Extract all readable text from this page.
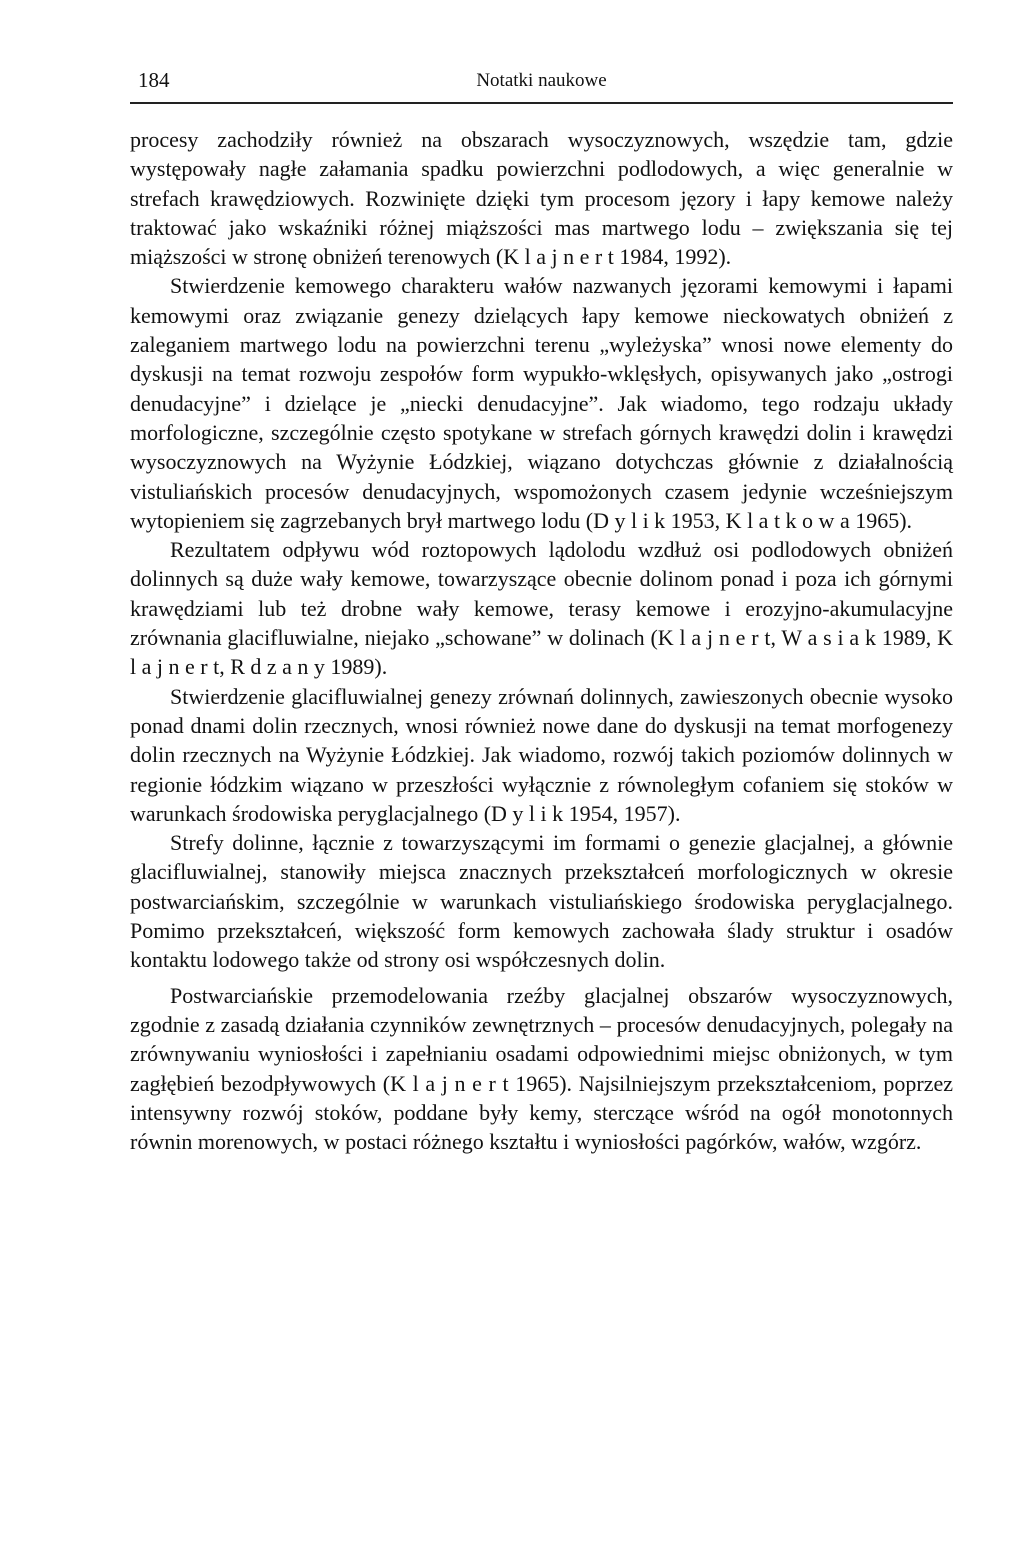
184	Notatki naukowe

procesy zachodziły również na obszarach wysoczyznowych, wszędzie tam, gdzie występowały nagłe załamania spadku powierzchni podlodowych, a więc generalnie w strefach krawędziowych. Rozwinięte dzięki tym procesom jęzory i łapy kemowe należy traktować jako wskaźniki różnej miąższości mas martwego lodu – zwiększania się tej miąższości w stronę obniżeń terenowych (K l a j n e r t 1984, 1992).

Stwierdzenie kemowego charakteru wałów nazwanych jęzorami kemowymi i łapami kemowymi oraz związanie genezy dzielących łapy kemowe nieckowatych obniżeń z zaleganiem martwego lodu na powierzchni terenu „wyleżyska” wnosi nowe elementy do dyskusji na temat rozwoju zespołów form wypukło-wklęsłych, opisywanych jako „ostrogi denudacyjne” i dzielące je „niecki denudacyjne”. Jak wiadomo, tego rodzaju układy morfologiczne, szczególnie często spotykane w strefach górnych krawędzi dolin i krawędzi wysoczyznowych na Wyżynie Łódzkiej, wiązano dotychczas głównie z działalnością vistuliańskich procesów denudacyjnych, wspomożonych czasem jedynie wcześniejszym wytopieniem się zagrzebanych brył martwego lodu (D y l i k 1953, K l a t k o w a 1965).

Rezultatem odpływu wód roztopowych lądolodu wzdłuż osi podlodowych obniżeń dolinnych są duże wały kemowe, towarzyszące obecnie dolinom ponad i poza ich górnymi krawędziami lub też drobne wały kemowe, terasy kemowe i erozyjno-akumulacyjne zrównania glacifluwialne, niejako „schowane” w dolinach (K l a j n e r t, W a s i a k 1989, K l a j n e r t, R d z a n y 1989).

Stwierdzenie glacifluwialnej genezy zrównań dolinnych, zawieszonych obecnie wysoko ponad dnami dolin rzecznych, wnosi również nowe dane do dyskusji na temat morfogenezy dolin rzecznych na Wyżynie Łódzkiej. Jak wiadomo, rozwój takich poziomów dolinnych w regionie łódzkim wiązano w przeszłości wyłącznie z równoległym cofaniem się stoków w warunkach środowiska peryglacjalnego (D y l i k 1954, 1957).

Strefy dolinne, łącznie z towarzyszącymi im formami o genezie glacjalnej, a głównie glacifluwialnej, stanowiły miejsca znacznych przekształceń morfologicznych w okresie postwarciańskim, szczególnie w warunkach vistuliańskiego środowiska peryglacjalnego. Pomimo przekształceń, większość form kemowych zachowała ślady struktur i osadów kontaktu lodowego także od strony osi współczesnych dolin.

Postwarciańskie przemodelowania rzeźby glacjalnej obszarów wysoczyznowych, zgodnie z zasadą działania czynników zewnętrznych – procesów denudacyjnych, polegały na zrównywaniu wyniosłości i zapełnianiu osadami odpowiednimi miejsc obniżonych, w tym zagłębień bezodpływowych (K l a j n e r t 1965). Najsilniejszym przekształceniom, poprzez intensywny rozwój stoków, poddane były kemy, sterczące wśród na ogół monotonnych równin morenowych, w postaci różnego kształtu i wyniosłości pagórków, wałów, wzgórz.
